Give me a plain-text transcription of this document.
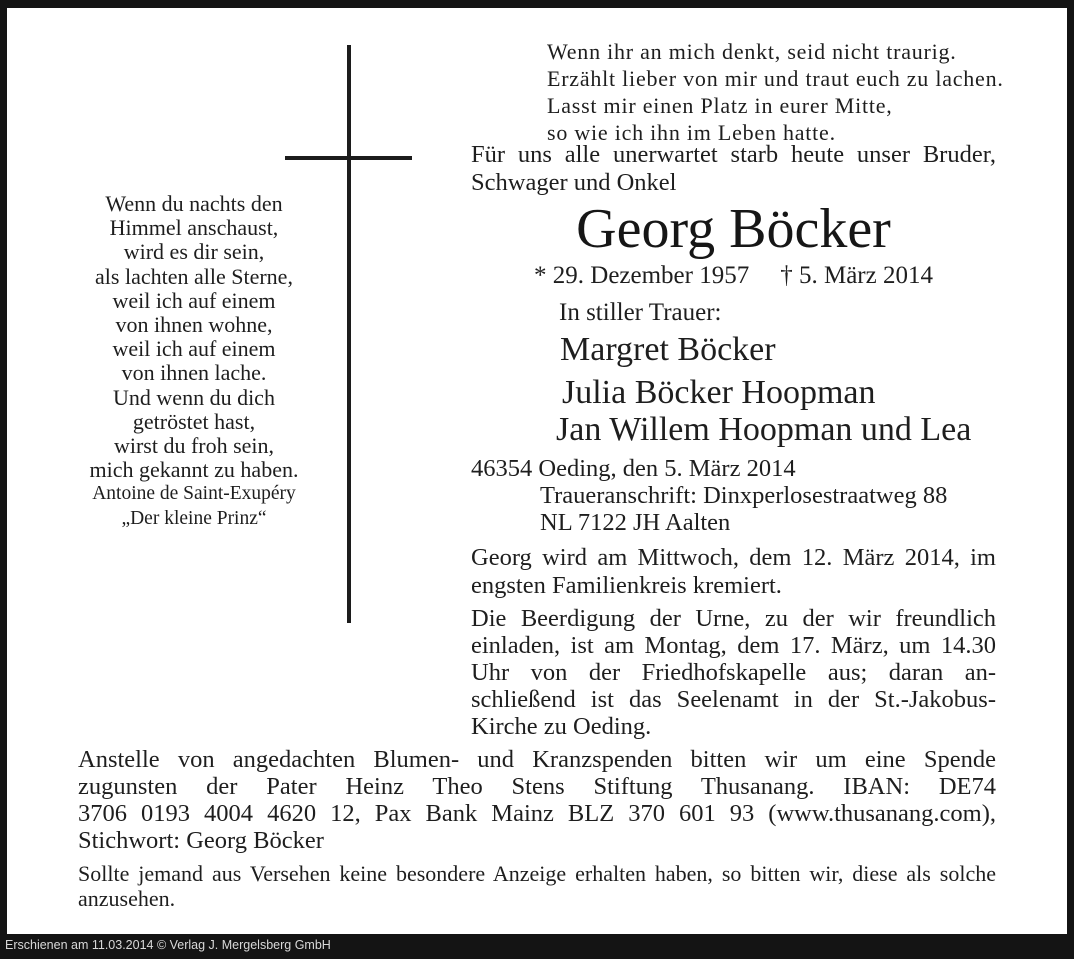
Wenn ihr an mich denkt, seid nicht traurig.
Erzählt lieber von mir und traut euch zu lachen.
Lasst mir einen Platz in eurer Mitte,
so wie ich ihn im Leben hatte.
Für uns alle unerwartet starb heute unser Bruder,
Schwager und Onkel
Georg Böcker
* 29. Dezember 1957 † 5. März 2014
In stiller Trauer:
Margret Böcker
Julia Böcker Hoopman
Jan Willem Hoopman und Lea
46354 Oeding, den 5. März 2014
Traueranschrift: Dinxperlosestraatweg 88
NL 7122 JH Aalten
Georg wird am Mittwoch, dem 12. März 2014, im
engsten Familienkreis kremiert.
Die Beerdigung der Urne, zu der wir freundlich
einladen, ist am Montag, dem 17. März, um 14.30
Uhr von der Friedhofskapelle aus; daran an-
schließend ist das Seelenamt in der St.-Jakobus-
Kirche zu Oeding.
Anstelle von angedachten Blumen- und Kranzspenden bitten wir um eine Spende
zugunsten der Pater Heinz Theo Stens Stiftung Thusanang. IBAN: DE74
3706 0193 4004 4620 12, Pax Bank Mainz BLZ 370 601 93 (www.thusanang.com),
Stichwort: Georg Böcker
Sollte jemand aus Versehen keine besondere Anzeige erhalten haben, so bitten wir, diese als solche
anzusehen.
Wenn du nachts den
Himmel anschaust,
wird es dir sein,
als lachten alle Sterne,
weil ich auf einem
von ihnen wohne,
weil ich auf einem
von ihnen lache.
Und wenn du dich
getröstet hast,
wirst du froh sein,
mich gekannt zu haben.
Antoine de Saint-Exupéry
„Der kleine Prinz“
Erschienen am 11.03.2014 © Verlag J. Mergelsberg GmbH
